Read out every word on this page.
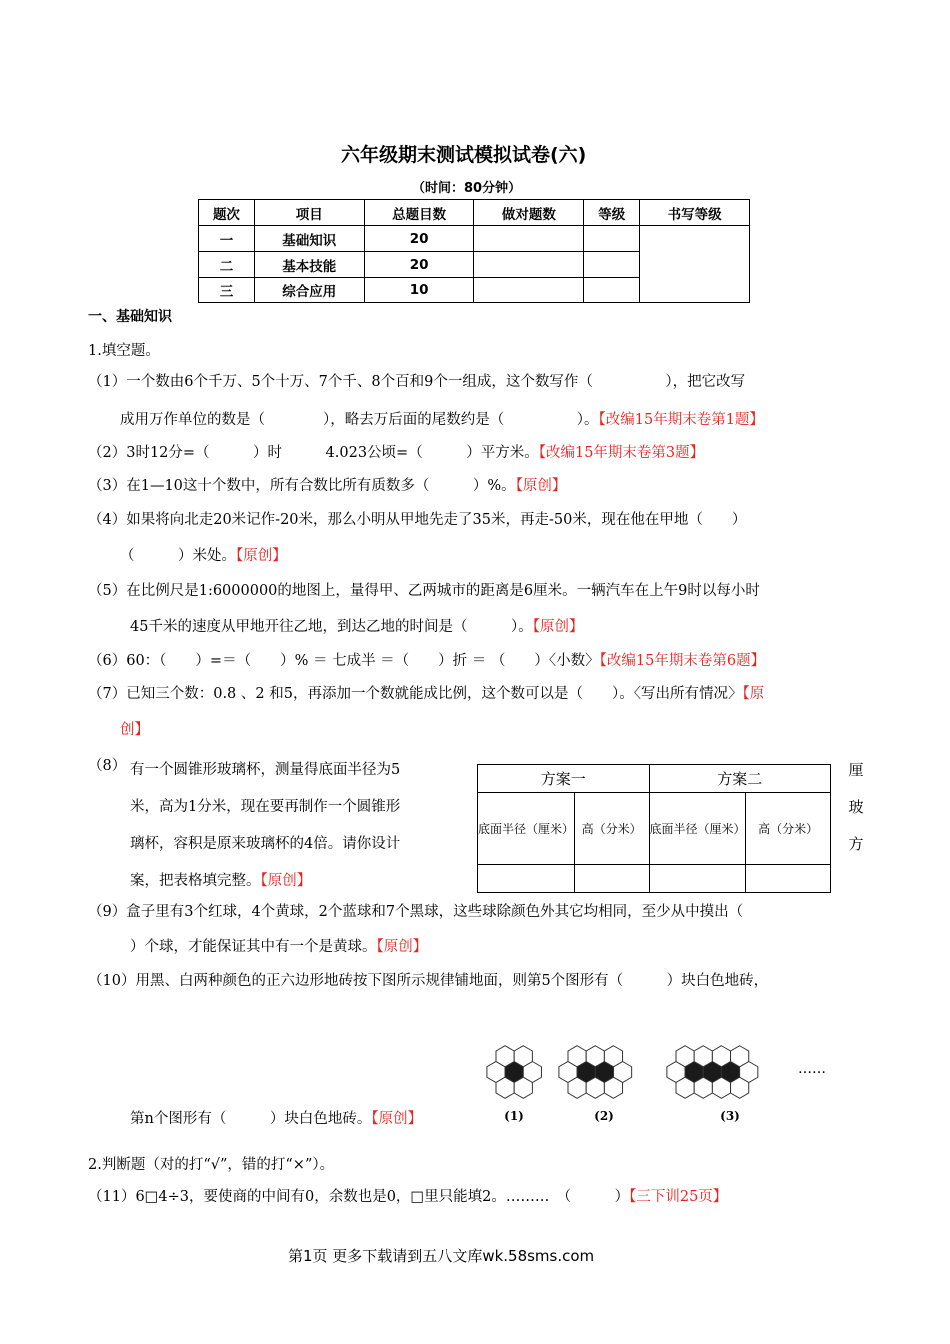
六年级期末测试模拟试卷(六)
（时间：80分钟）
题次	项目	总题目数	做对题数	等级	书写等级
一	基础知识	20			
二	基本技能	20			
三	综合应用	10			
一、基础知识
1.填空题。
（1）一个数由6个千万、5个十万、7个千、8个百和9个一组成，这个数写作（　　　　　），把它改写
成用万作单位的数是（　　　　），略去万后面的尾数约是（　　　　　）。【改编15年期末卷第1题】
（2）3时12分=（　　　）时　　　4.023公顷=（　　　）平方米。【改编15年期末卷第3题】
（3）在1—10这十个数中，所有合数比所有质数多（　　　）%。【原创】
（4）如果将向北走20米记作-20米，那么小明从甲地先走了35米，再走-50米，现在他在甲地（　　）
（　　　）米处。【原创】
（5）在比例尺是1:6000000的地图上，量得甲、乙两城市的距离是6厘米。一辆汽车在上午9时以每小时
45千米的速度从甲地开往乙地，到达乙地的时间是（　　　）。【原创】
（6）60：（　　）=＝（　　）% ＝ 七成半 ＝（　　）折 ＝ （　　）〈小数〉【改编15年期末卷第6题】
（7）已知三个数：0.8 、2 和5，再添加一个数就能成比例，这个数可以是（　　）。〈写出所有情况〉【原
创】
（8） 有一个圆锥形玻璃杯，测量得底面半径为5
米，高为1分米，现在要再制作一个圆锥形
璃杯，容积是原来玻璃杯的4倍。请你设计
案，把表格填完整。【原创】
方案一		方案二	
底面半径（厘米）	高（分米）	底面半径（厘米）	高（分米）

厘
玻
方
（9）盒子里有3个红球，4个黄球，2个蓝球和7个黑球，这些球除颜色外其它均相同，至少从中摸出（
）个球，才能保证其中有一个是黄球。【原创】
（10）用黑、白两种颜色的正六边形地砖按下图所示规律铺地面，则第5个图形有（　　　）块白色地砖，
(1)	(2)	(3)
……
第n个图形有（　　　）块白色地砖。【原创】
2.判断题（对的打“√”，错的打“×”）。
（11）6□4÷3，要使商的中间有0，余数也是0，□里只能填2。………　（　　　）【三下训25页】
第1页 更多下载请到五八文库wk.58sms.com
